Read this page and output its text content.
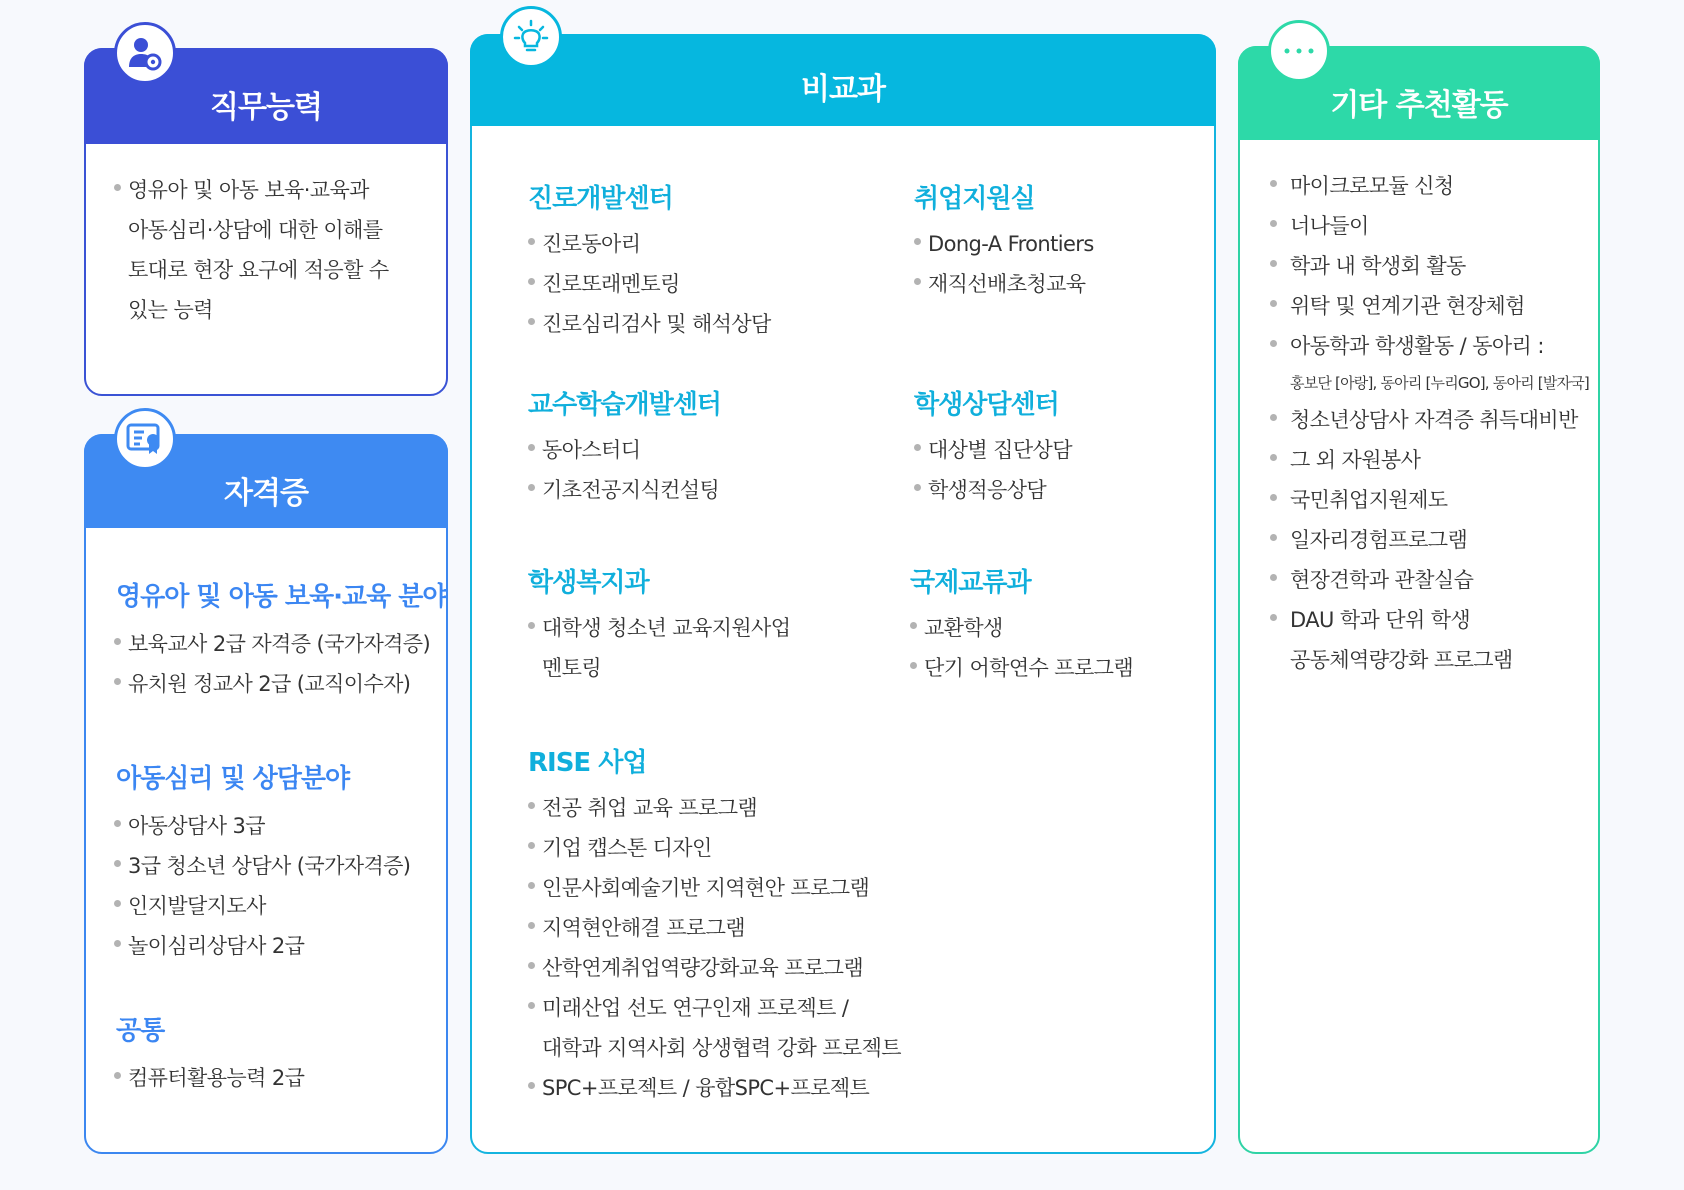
직무능력
영유아 및 아동 보육·교육과
아동심리·상담에 대한 이해를
토대로 현장 요구에 적응할 수
있는 능력
자격증
영유아 및 아동 보육·교육 분야
보육교사 2급 자격증 (국가자격증)
유치원 정교사 2급 (교직이수자)
아동심리 및 상담분야
아동상담사 3급
3급 청소년 상담사 (국가자격증)
인지발달지도사
놀이심리상담사 2급
공통
컴퓨터활용능력 2급
비교과
진로개발센터
진로동아리
진로또래멘토링
진로심리검사 및 해석상담
취업지원실
Dong-A Frontiers
재직선배초청교육
교수학습개발센터
동아스터디
기초전공지식컨설팅
학생상담센터
대상별 집단상담
학생적응상담
학생복지과
대학생 청소년 교육지원사업
멘토링
국제교류과
교환학생
단기 어학연수 프로그램
RISE 사업
전공 취업 교육 프로그램
기업 캡스톤 디자인
인문사회예술기반 지역현안 프로그램
지역현안해결 프로그램
산학연계취업역량강화교육 프로그램
미래산업 선도 연구인재 프로젝트 /
대학과 지역사회 상생협력 강화 프로젝트
SPC+프로젝트 / 융합SPC+프로젝트
기타 추천활동
마이크로모듈 신청
너나들이
학과 내 학생회 활동
위탁 및 연계기관 현장체험
아동학과 학생활동 / 동아리 :
홍보단 [아랑], 동아리 [누리GO], 동아리 [발자국]
청소년상담사 자격증 취득대비반
그 외 자원봉사
국민취업지원제도
일자리경험프로그램
현장견학과 관찰실습
DAU 학과 단위 학생
공동체역량강화 프로그램
